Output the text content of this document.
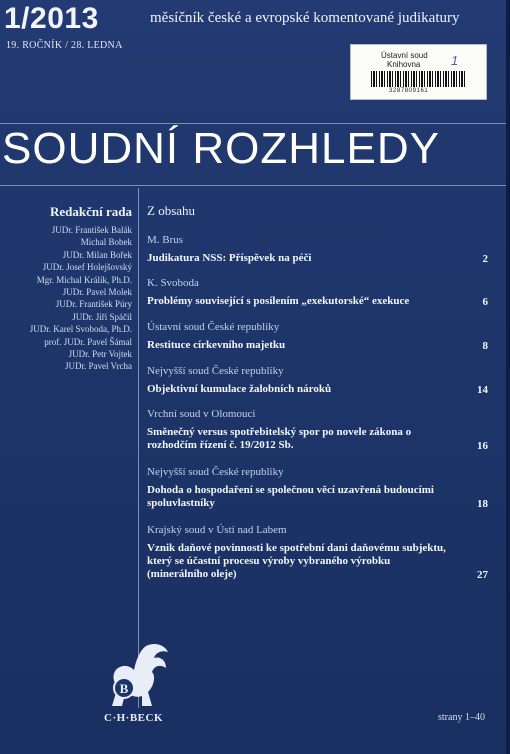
1/2013
19. ROČNÍK / 28. LEDNA
měsíčník české a evropské komentované judikatury
Ústavní soud
Knihovna 1
3287809161
SOUDNÍ ROZHLEDY
Redakční rada
JUDr. František Balák
Michal Bobek
JUDr. Milan Bořek
JUDr. Josef Holejšovský
Mgr. Michal Králík, Ph.D.
JUDr. Pavel Molek
JUDr. František Púry
JUDr. Jiří Spáčil
JUDr. Karel Svoboda, Ph.D.
prof. JUDr. Pavel Šámal
JUDr. Petr Vojtek
JUDr. Pavel Vrcha
Z obsahu
M. Brus
Judikatura NSS: Příspěvek na péči	2
K. Svoboda
Problémy související s posílením „exekutorské“ exekuce	6
Ústavní soud České republiky
Restituce církevního majetku	8
Nejvyšší soud České republiky
Objektivní kumulace žalobních nároků	14
Vrchní soud v Olomouci
Směnečný versus spotřebitelský spor po novele zákona o rozhodčím řízení č. 19/2012 Sb.	16
Nejvyšší soud České republiky
Dohoda o hospodaření se společnou věcí uzavřená budoucími spoluvlastníky	18
Krajský soud v Ústí nad Labem
Vznik daňové povinnosti ke spotřební dani daňovému subjektu, který se účastní procesu výroby vybraného výrobku (minerálního oleje)	27
B
C·H·BECK	strany 1–40
